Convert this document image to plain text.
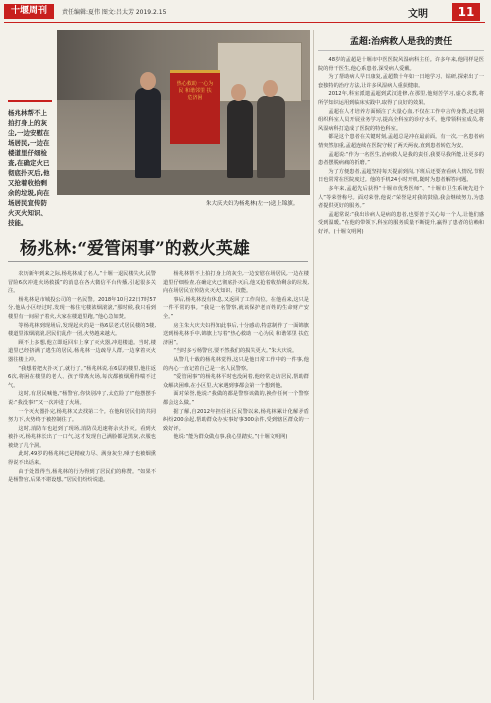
十堰周刊	责任编辑:夏伟 图文:吕太芳 2019.2.15	文明	11
热心救助 一心为民 和谐邻里 扶危济困
朱大庆夫妇为杨兆林(左一)送上锦旗。
杨兆林帮不上拍打身上的灰尘,一边安慰在场居民,一边在楼道里仔细检查,在确定火已彻底扑灭后,他又抢着收拾剩余的垃圾,向在场居民宣传防火灭火知识、技能。
杨兆林:“爱管闲事”的救火英雄

农历新年到来之际,杨兆林成了名人,“十堰一退民楼失火,民警冒险6次冲进火场救援”的消息在各大微信平台传播,引起很多关注。

杨兆林是市城投公司的一名民警。2018年10月22日7时57分,他从小区经过时,发现一栋住宅楼浓烟滚滚,“那时候,我只看到楼里有一间屋子着火,大家在楼道里跑。”他心急如焚。

等杨兆林到现场后,发现起火的是一栋6层老式居民楼的3楼,楼道里浓烟滚滚,居民们乱作一团,火势越来越大。

顾不上多想,他立即返回车上拿了灭火器,冲进楼道。当时,楼道里已经挤满了逃生的居民,杨兆林一边疏导人群,一边拿着灭火器往楼上冲。

“我想着把火扑灭了,就行了。”杨兆林说,在6层的楼里,他往返6次,将困在楼里的老人、孩子带离火场,每次都被烟熏得喘不过气。

这时,有居民喊他,“杨警官,你快别冲了,太危险了!”他摆摆手说:“我没事!”又一次冲进了火场。

一个灭火器扑完,杨兆林又去找第二个。在他和居民们的共同努力下,火势终于被控制住了。

这时,消防车也赶到了现场,消防员迅速将余火扑灭。看到火被扑灭,杨兆林长出了一口气,这才发现自己满脸都是黑灰,衣服也被烧了几个洞。

此时,49岁的杨兆林已是精疲力尽、满身灰尘,嗓子也被烟熏得说不出话来。

由于处置得当,杨兆林的行为得到了居民们的称赞。“如果不是杨警官,后果不堪设想。”居民们纷纷说道。

杨兆林帮不上拍打身上的灰尘,一边安慰在场居民,一边在楼道里仔细检查,在确定火已彻底扑灭后,他又抢着收拾剩余的垃圾,向在场居民宣传防火灭火知识、技能。

事后,杨兆林没有休息,又返回了工作岗位。在他看来,这只是一件平常的事。“我是一名警察,就该保护老百姓的生命财产安全。”

房主朱大庆夫妇得知此事后,十分感动,特意制作了一面锦旗送到杨兆林手中,锦旗上写着“热心救助 一心为民 和谐邻里 扶危济困”。

“当时多亏杨警官,要不然我们的损失更大。”朱大庆说。

从警几十载的杨兆林觉得,这只是他日常工作中的一件事,他的内心一直记着自己是一名人民警察。

“爱管闲事”的杨兆林平时也没闲着,他经常走访居民,帮助群众解决困难,在小区里,大家遇到事都会第一个想到他。

面对荣誉,他说:“我做的都是警察该做的,换作任何一个警察都会这么做。”

据了解,自2012年担任社区民警以来,杨兆林累计化解矛盾纠纷200余起,帮助群众办实事好事300余件,受到辖区群众的一致好评。

他说:“能为群众做点事,我心里踏实。”(十堰文明网)

孟超:治病救人是我的责任

48岁的孟超是十堰市中医医院风湿病科主任。许多年来,他同样是医院的骨干医生,他心系患者,深受病人爱戴。

为了帮助病人早日康复,孟超数十年如一日地学习、钻研,探索出了一套独特的治疗方法,让许多风湿病人重获健康。

2012年,科室派遣孟超到武汉进修,在那里,他刻苦学习,虚心求教,将所学知识运用到临床实践中,取得了良好的效果。

孟超在人才培养方面倾注了大量心血,不仅在工作中言传身教,还定期组织科室人员开展业务学习,提高全科室的诊疗水平。他带领科室成员,将风湿病科打造成了医院的特色科室。

都是这个患者在关键时刻,孟超总是冲在最前面。有一次,一名患者病情突然加重,孟超连续在医院守候了两天两夜,直到患者转危为安。

孟超说:“作为一名医生,治病救人是我的责任,我要尽我所能,让更多的患者摆脱病痛的折磨。”

为了方便患者,孟超坚持每天提前到岗,下班后还要查看病人情况,节假日也常常在医院度过。他的手机24小时开机,随时为患者解答问题。

多年来,孟超先后获得“十堰市优秀医师”、“十堰市卫生系统先进个人”等荣誉称号。面对荣誉,他说:“荣誉是对我的鼓励,我会继续努力,为患者提供更好的服务。”

孟超常说:“我出诊病人是病的患者,也要善于关心每一个人,让他们感受到温暖。”在他的带领下,科室的服务质量不断提升,赢得了患者的信赖和好评。(十堰文明网)
